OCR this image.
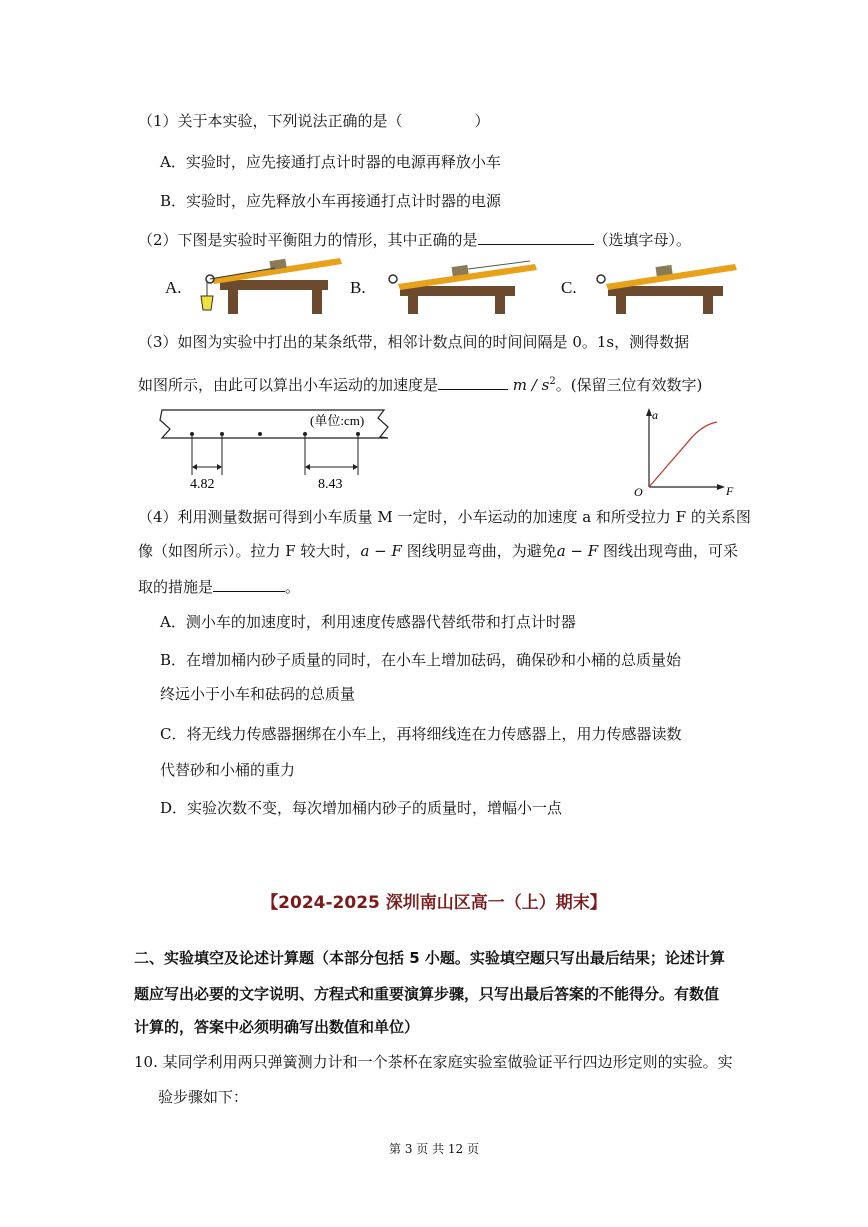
（1）关于本实验，下列说法正确的是（	）
A．实验时，应先接通打点计时器的电源再释放小车
B．实验时，应先释放小车再接通打点计时器的电源
（2）下图是实验时平衡阻力的情形，其中正确的是	（选填字母）。
A.	B.	C.
（3）如图为实验中打出的某条纸带，相邻计数点间的时间间隔是 0。1s，测得数据
如图所示，由此可以算出小车运动的加速度是	m / $s^2$。(保留三位有效数字)
(单位:cm)
4.82	8.43
a
F
O
（4）利用测量数据可得到小车质量 M 一定时，小车运动的加速度 a 和所受拉力 F 的关系图
像（如图所示）。拉力 F 较大时，a − F 图线明显弯曲，为避免a − F 图线出现弯曲，可采
取的措施是	。
A．测小车的加速度时，利用速度传感器代替纸带和打点计时器
B．在增加桶内砂子质量的同时，在小车上增加砝码，确保砂和小桶的总质量始
终远小于小车和砝码的总质量
C．将无线力传感器捆绑在小车上，再将细线连在力传感器上，用力传感器读数
代替砂和小桶的重力
D．实验次数不变，每次增加桶内砂子的质量时，增幅小一点
【2024-2025 深圳南山区高一（上）期末】
二、实验填空及论述计算题（本部分包括 5 小题。实验填空题只写出最后结果；论述计算
题应写出必要的文字说明、方程式和重要演算步骤，只写出最后答案的不能得分。有数值
计算的，答案中必须明确写出数值和单位）
10. 某同学利用两只弹簧测力计和一个茶杯在家庭实验室做验证平行四边形定则的实验。实
验步骤如下：
第 3 页 共 12 页
